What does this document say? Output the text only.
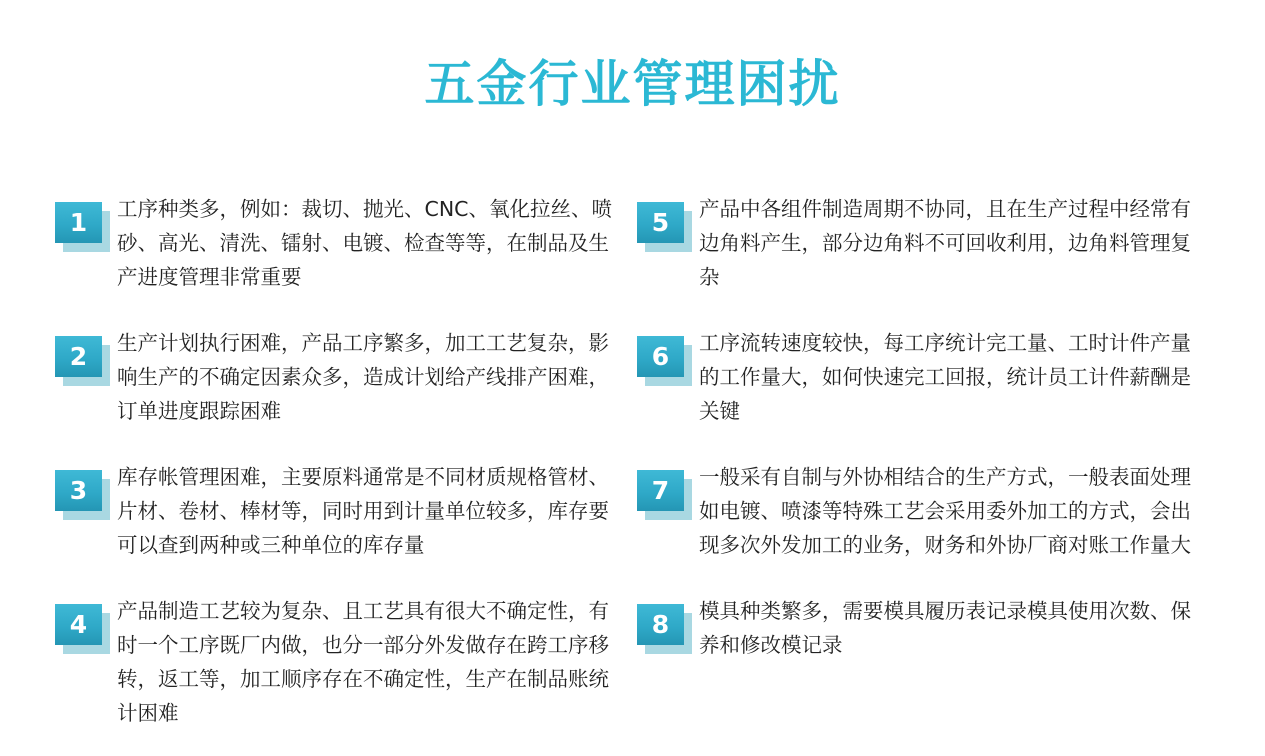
五金行业管理困扰
1	工序种类多，例如：裁切、抛光、CNC、氧化拉丝、喷砂、高光、清洗、镭射、电镀、检查等等，在制品及生产进度管理非常重要
2	生产计划执行困难，产品工序繁多，加工工艺复杂，影响生产的不确定因素众多，造成计划给产线排产困难，订单进度跟踪困难
3	库存帐管理困难，主要原料通常是不同材质规格管材、片材、卷材、棒材等，同时用到计量单位较多，库存要可以查到两种或三种单位的库存量
4	产品制造工艺较为复杂、且工艺具有很大不确定性，有时一个工序既厂内做，也分一部分外发做存在跨工序移转，返工等，加工顺序存在不确定性，生产在制品账统计困难
5	产品中各组件制造周期不协同，且在生产过程中经常有边角料产生，部分边角料不可回收利用，边角料管理复杂
6	工序流转速度较快，每工序统计完工量、工时计件产量的工作量大，如何快速完工回报，统计员工计件薪酬是关键
7	一般采有自制与外协相结合的生产方式，一般表面处理如电镀、喷漆等特殊工艺会采用委外加工的方式，会出现多次外发加工的业务，财务和外协厂商对账工作量大
8	模具种类繁多，需要模具履历表记录模具使用次数、保养和修改模记录
